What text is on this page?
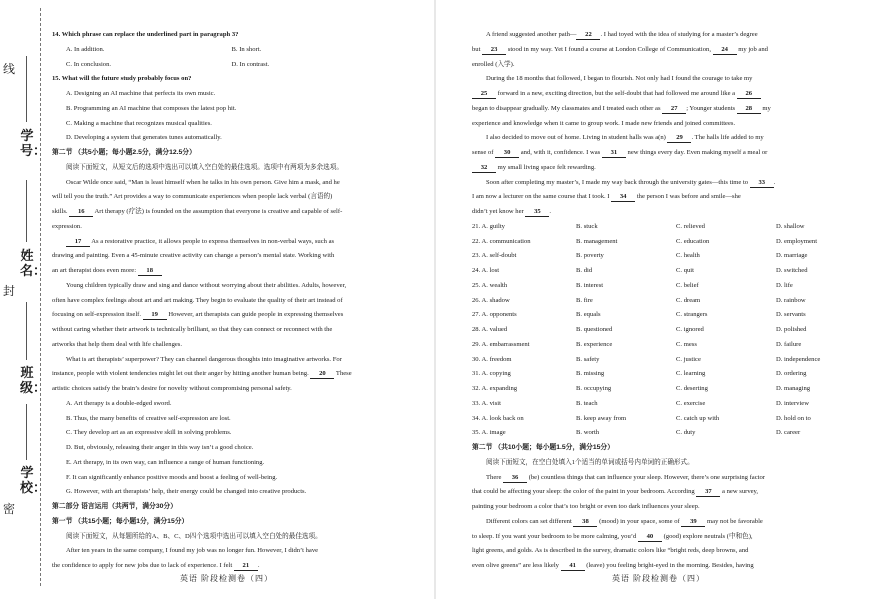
线
学号：
姓名：
封
班级：
学校：
密
14. Which phrase can replace the underlined part in paragraph 3?
A. In addition.	B. In short.
C. In conclusion.	D. In contrast.
15. What will the future study probably focus on?
A. Designing an AI machine that perfects its own music.
B. Programming an AI machine that composes the latest pop hit.
C. Making a machine that recognizes musical qualities.
D. Developing a system that generates tunes automatically.
第二节 （共5小题；每小题2.5分，满分12.5分）
阅读下面短文，从短文后的选项中选出可以填入空白处的最佳选项。选项中有两项为多余选项。
Oscar Wilde once said, “Man is least himself when he talks in his own person. Give him a mask, and he
will tell you the truth.” Art provides a way to communicate experiences when people lack verbal (言语的)
skills. 16 Art therapy (疗法) is founded on the assumption that everyone is creative and capable of self-
expression.
17 As a restorative practice, it allows people to express themselves in non-verbal ways, such as
drawing and painting. Even a 45-minute creative activity can change a person’s mental state. Working with
an art therapist does even more: 18
Young children typically draw and sing and dance without worrying about their abilities. Adults, however,
often have complex feelings about art and art making. They begin to evaluate the quality of their art instead of
focusing on self-expression itself. 19 However, art therapists can guide people in expressing themselves
without caring whether their artwork is technically brilliant, so that they can connect or reconnect with the
artworks that help them deal with life challenges.
What is art therapists’ superpower? They can channel dangerous thoughts into imaginative artworks. For
instance, people with violent tendencies might let out their anger by hitting another human being. 20 These
artistic choices satisfy the brain’s desire for novelty without compromising personal safety.
A. Art therapy is a double-edged sword.
B. Thus, the many benefits of creative self-expression are lost.
C. They develop art as an expressive skill in solving problems.
D. But, obviously, releasing their anger in this way isn’t a good choice.
E. Art therapy, in its own way, can influence a range of human functioning.
F. It can significantly enhance positive moods and boost a feeling of well-being.
G. However, with art therapists’ help, their energy could be changed into creative products.
第二部分 语言运用（共两节，满分30分）
第一节 （共15小题；每小题1分，满分15分）
阅读下面短文，从每题所给的A、B、C、D四个选项中选出可以填入空白处的最佳选项。
After ten years in the same company, I found my job was no longer fun. However, I didn’t have
the confidence to apply for new jobs due to lack of experience. I felt 21 .
英语 阶段检测卷（四）
A friend suggested another path— 22 . I had toyed with the idea of studying for a master’s degree
but 23 stood in my way. Yet I found a course at London College of Communication, 24 my job and
enrolled (入学).
During the 18 months that followed, I began to flourish. Not only had I found the courage to take my
25 forward in a new, exciting direction, but the self-doubt that had followed me around like a 26
began to disappear gradually. My classmates and I treated each other as 27 ; Younger students 28 my
experience and knowledge when it came to group work. I made new friends and joined committees.
I also decided to move out of home. Living in student halls was a(n) 29 . The halls life added to my
sense of 30 and, with it, confidence. I was 31 new things every day. Even making myself a meal or
32 my small living space felt rewarding.
Soon after completing my master’s, I made my way back through the university gates—this time to 33 .
I am now a lecturer on the same course that I took. I 34 the person I was before and smile—she
didn’t yet know her 35 .
21. A. guilty	B. stuck	C. relieved	D. shallow
22. A. communication	B. management	C. education	D. employment
23. A. self-doubt	B. poverty	C. health	D. marriage
24. A. lost	B. did	C. quit	D. switched
25. A. wealth	B. interest	C. belief	D. life
26. A. shadow	B. fire	C. dream	D. rainbow
27. A. opponents	B. equals	C. strangers	D. servants
28. A. valued	B. questioned	C. ignored	D. polished
29. A. embarrassment	B. experience	C. mess	D. failure
30. A. freedom	B. safety	C. justice	D. independence
31. A. copying	B. missing	C. learning	D. ordering
32. A. expanding	B. occupying	C. deserting	D. managing
33. A. visit	B. teach	C. exercise	D. interview
34. A. look back on	B. keep away from	C. catch up with	D. hold on to
35. A. image	B. worth	C. duty	D. career
第二节 （共10小题；每小题1.5分，满分15分）
阅读下面短文，在空白处填入1个适当的单词或括号内单词的正确形式。
There 36 (be) countless things that can influence your sleep. However, there’s one surprising factor
that could be affecting your sleep: the color of the paint in your bedroom. According 37 a new survey,
painting your bedroom a color that’s too bright or even too dark influences your sleep.
Different colors can set different 38 (mood) in your space, some of 39 may not be favorable
to sleep. If you want your bedroom to be more calming, you’d 40 (good) explore neutrals (中和色),
light greens, and golds. As is described in the survey, dramatic colors like “bright reds, deep browns, and
even olive greens” are less likely 41 (leave) you feeling bright-eyed in the morning. Besides, having
英语 阶段检测卷（四）
